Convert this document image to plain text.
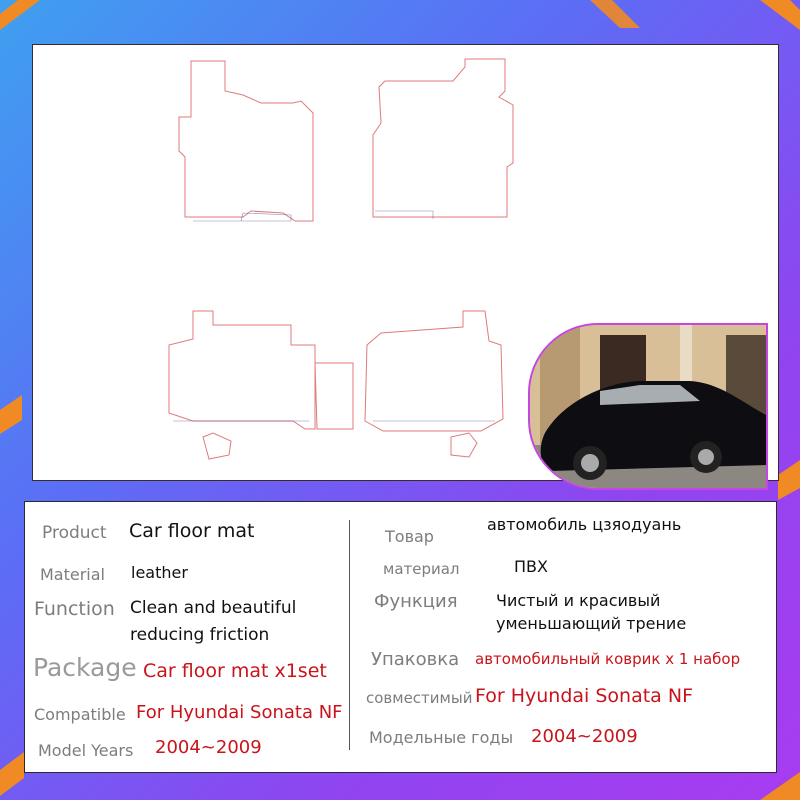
Product Car floor mat
Material leather
Function Clean and beautiful
reducing friction
Package Car floor mat x1set
Compatible For Hyundai Sonata NF
Model Years 2004~2009
Товар
автомобиль цзяодуань
материал	ПВХ
Функция Чистый и красивый
уменьшающий трение
Упаковка автомобильный коврик x 1 набор
совместимый For Hyundai Sonata NF
Модельные годы 2004~2009
